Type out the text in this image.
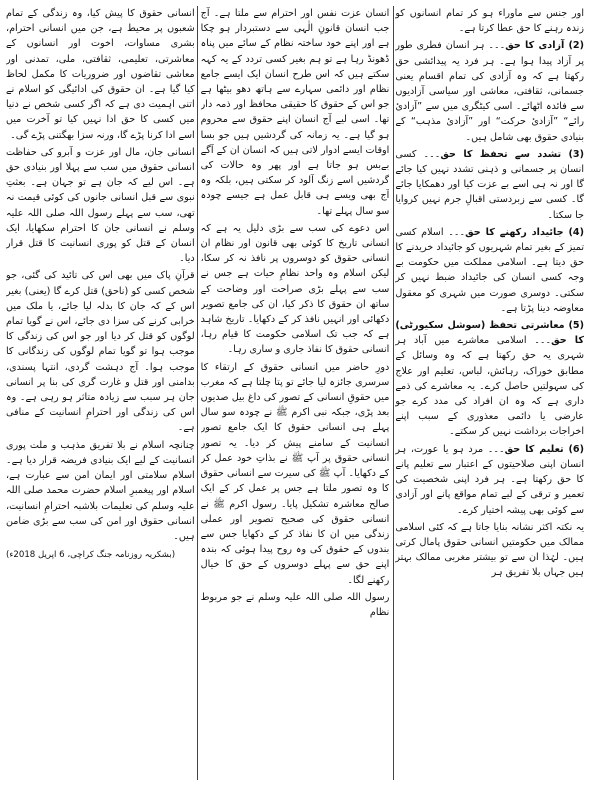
اور جنس سے ماوراء ہو کر تمام انسانوں کو زندہ رہنے کا حق عطا کرتا ہے۔

(2) آزادی کا حق۔۔۔ ہر انسان فطری طور پر آزاد پیدا ہوا ہے۔ ہر فرد یہ پیدائشی حق رکھتا ہے کہ وہ آزادی کی تمام اقسام یعنی جسمانی، ثقافتی، معاشی اور سیاسی آزادیوں سے فائدہ اٹھائے۔ اسی کیٹگری میں سے ”آزادیٔ رائے“ ”آزادیٔ حرکت“ اور ”آزادیٔ مذہب“ کے بنیادی حقوق بھی شامل ہیں۔

(3) تشدد سے تحفظ کا حق۔۔۔ کسی انسان پر جسمانی و ذہنی تشدد نہیں کیا جائے گا اور نہ ہی اسے بے عزت کیا اور دھمکایا جائے گا۔ کسی سے زبردستی اقبالِ جرم نہیں کروایا جا سکتا۔

(4) جائیداد رکھنے کا حق۔۔۔ اسلام کسی تمیز کے بغیر تمام شہریوں کو جائیداد خریدنے کا حق دیتا ہے۔ اسلامی مملکت میں حکومت بے وجہ کسی انسان کی جائیداد ضبط نہیں کر سکتی۔ دوسری صورت میں شہری کو معقول معاوضہ دینا پڑتا ہے۔

(5) معاشرتی تحفظ (سوشل سکیورٹی) کا حق۔۔۔ اسلامی معاشرے میں آباد ہر شہری یہ حق رکھتا ہے کہ وہ وسائل کے مطابق خوراک، رہائش، لباس، تعلیم اور علاج کی سہولتیں حاصل کرے۔ یہ معاشرے کی ذمے داری ہے کہ وہ ان افراد کی مدد کرے جو عارضی یا دائمی معذوری کے سبب اپنے اخراجات برداشت نہیں کر سکتے۔

(6) تعلیم کا حق۔۔۔ مرد ہو یا عورت، ہر انسان اپنی صلاحیتوں کے اعتبار سے تعلیم پانے کا حق رکھتا ہے۔ ہر فرد اپنی شخصیت کی تعمیر و ترقی کے لیے تمام مواقع پانے اور آزادی سے کوئی بھی پیشہ اختیار کرے۔

یہ نکتہ اکثر نشانہ بنایا جاتا ہے کہ کئی اسلامی ممالک میں حکومتیں انسانی حقوق پامال کرتی ہیں۔ لہٰذا ان سے تو بیشتر مغربی ممالک بہتر ہیں جہاں بلا تفریق ہر

انسان عزت نفس اور احترام سے ملتا ہے۔ آج جب انسان قانونِ الٰہی سے دستبردار ہو چکا ہے اور اپنے خود ساختہ نظام کے سائے میں پناہ ڈھونڈ رہا ہے تو ہم بغیر کسی تردد کے یہ کہہ سکتے ہیں کہ اس طرح انسان ایک ایسے جامع نظام اور دائمی سہارے سے ہاتھ دھو بیٹھا ہے جو اس کے حقوق کا حقیقی محافظ اور ذمہ دار تھا۔ اسی لیے آج انسان اپنے حقوق سے محروم ہو گیا ہے۔ یہ زمانہ کی گردشیں ہیں جو بسا اوقات ایسے ادوار لاتی ہیں کہ انسان ان کے آگے بےبس ہو جاتا ہے اور پھر وہ حالات کی گردشیں اسے زنگ آلود کر سکتی ہیں، بلکہ وہ آج بھی ویسے ہی قابل عمل ہے جیسے چودہ سو سال پہلے تھا۔

اس دعوے کی سب سے بڑی دلیل یہ ہے کہ انسانی تاریخ کا کوئی بھی قانون اور نظام ان انسانی حقوق کو دوسروں پر نافذ نہ کر سکا، لیکن اسلام وہ واحد نظامِ حیات ہے جس نے سب سے پہلے بڑی صراحت اور وضاحت کے ساتھ ان حقوق کا ذکر کیا، ان کی جامع تصویر دکھائی اور انہیں نافذ کر کے دکھایا۔ تاریخ شاہد ہے کہ جب تک اسلامی حکومت کا قیام رہا، انسانی حقوق کا نفاذ جاری و ساری رہا۔

دورِ حاضر میں انسانی حقوق کے ارتقاء کا سرسری جائزہ لیا جائے تو پتا چلتا ہے کہ مغرب میں حقوقِ انسانی کے تصور کی داغ بیل صدیوں بعد پڑی، جبکہ نبی اکرم ﷺ نے چودہ سو سال پہلے ہی انسانی حقوق کا ایک جامع تصور انسانیت کے سامنے پیش کر دیا۔ یہ تصور انسانی حقوق پر آپ ﷺ نے بذاتِ خود عمل کر کے دکھایا۔ آپ ﷺ کی سیرت سے انسانی حقوق کا وہ تصور ملتا ہے جس پر عمل کر کے ایک صالح معاشرہ تشکیل پایا۔ رسول اکرم ﷺ نے انسانی حقوق کی صحیح تصویر اور عملی زندگی میں ان کا نفاذ کر کے دکھایا جس سے بندوں کے حقوق کی وہ روح پیدا ہوئی کہ بندہ اپنے حق سے پہلے دوسروں کے حق کا خیال رکھنے لگا۔

رسول اللہ صلی اللہ علیہ وسلم نے جو مربوط نظام

انسانی حقوق کا پیش کیا، وہ زندگی کے تمام شعبوں پر محیط ہے، جن میں انسانی احترام، بشری مساوات، اخوت اور انسانوں کے معاشرتی، تعلیمی، ثقافتی، ملی، تمدنی اور معاشی تقاضوں اور ضروریات کا مکمل لحاظ کیا گیا ہے۔ ان حقوق کی ادائیگی کو اسلام نے اتنی اہمیت دی ہے کہ اگر کسی شخص نے دنیا میں کسی کا حق ادا نہیں کیا تو آخرت میں اسے ادا کرنا پڑے گا، ورنہ سزا بھگتنی پڑے گی۔

انسانی جان، مال اور عزت و آبرو کی حفاظت انسانی حقوق میں سب سے پہلا اور بنیادی حق ہے۔ اس لیے کہ جان ہے تو جہان ہے۔ بعثتِ نبوی سے قبل انسانی جانوں کی کوئی قیمت نہ تھی، سب سے پہلے رسول اللہ صلی اللہ علیہ وسلم نے انسانی جان کا احترام سکھایا، ایک انسان کے قتل کو پوری انسانیت کا قتل قرار دیا۔

قرآنِ پاک میں بھی اس کی تائید کی گئی، جو شخص کسی کو (ناحق) قتل کرے گا (یعنی) بغیر اس کے کہ جان کا بدلہ لیا جائے، یا ملک میں خرابی کرنے کی سزا دی جائے، اس نے گویا تمام لوگوں کو قتل کر دیا اور جو اس کی زندگی کا موجب ہوا تو گویا تمام لوگوں کی زندگانی کا موجب ہوا۔ آج دہشت گردی، انتہا پسندی، بدامنی اور قتل و غارت گری کی بنا پر انسانی جان ہر سبب سے زیادہ متاثر ہو رہی ہے۔ وہ اس کی زندگی اور احترامِ انسانیت کے منافی ہے۔

چنانچہ اسلام نے بلا تفریق مذہب و ملت پوری انسانیت کے لیے ایک بنیادی فریضہ قرار دیا ہے۔ اسلام سلامتی اور ایمان امن سے عبارت ہے، اسلام اور پیغمبرِ اسلام حضرت محمد صلی اللہ علیہ وسلم کی تعلیمات بلاشبہ احترامِ انسانیت، انسانی حقوق اور امن کی سب سے بڑی ضامن ہیں۔

(بشکریہ روزنامہ جنگ کراچی، 6 اپریل 2018ء)
